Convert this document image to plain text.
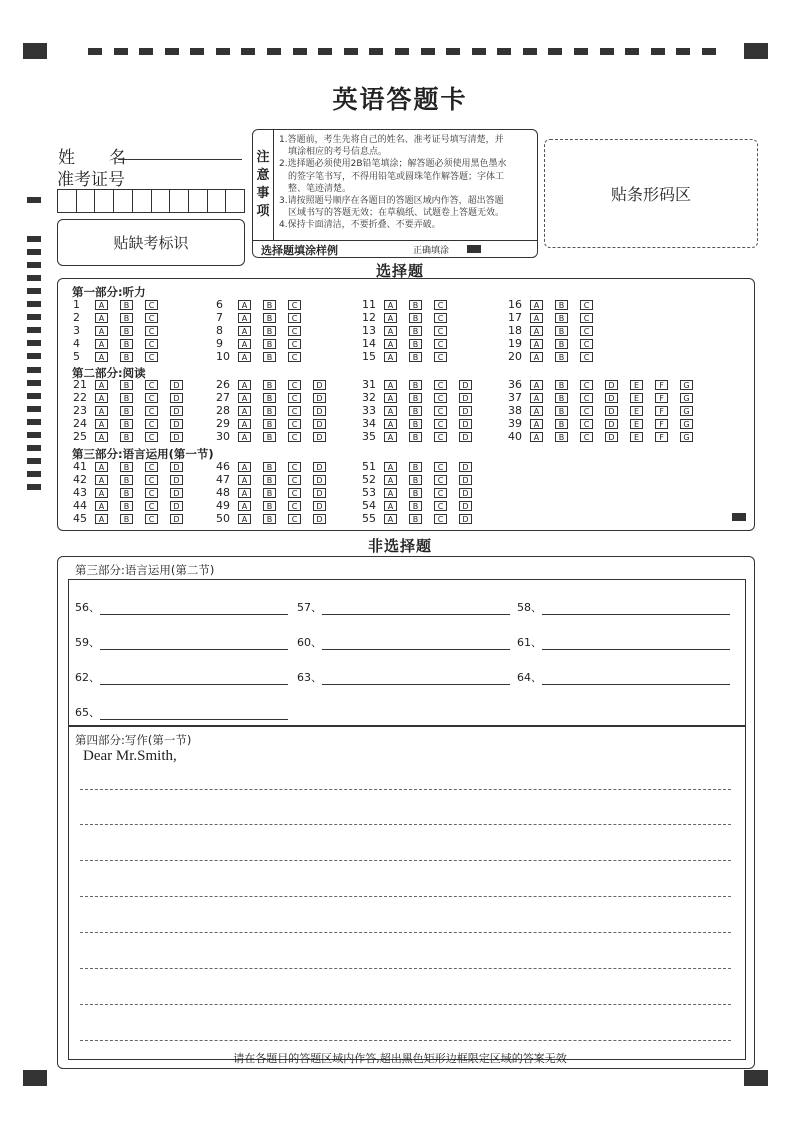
英语答题卡
姓　　名
准考证号
贴缺考标识
注
意
事
项
1.答题前，考生先将自己的姓名、准考证号填写清楚，并
　填涂相应的考号信息点。
2.选择题必须使用2B铅笔填涂；解答题必须使用黑色墨水
　的签字笔书写，不得用铅笔或圆珠笔作解答题；字体工
　整、笔迹清楚。
3.请按照题号顺序在各题目的答题区域内作答，超出答题
　区域书写的答题无效；在草稿纸、试题卷上答题无效。
4.保持卡面清洁，不要折叠、不要弄破。
选择题填涂样例	正确填涂
贴条形码区
选择题
第一部分:听力
第二部分:阅读
第三部分:语言运用(第一节)
1 A B C
2 A B C
3 A B C
4 A B C
5 A B C
6 A B C
7 A B C
8 A B C
9 A B C
10 A B C
11 A B C
12 A B C
13 A B C
14 A B C
15 A B C
16 A B C
17 A B C
18 A B C
19 A B C
20 A B C
21 A B C D
22 A B C D
23 A B C D
24 A B C D
25 A B C D
26 A B C D
27 A B C D
28 A B C D
29 A B C D
30 A B C D
31 A B C D
32 A B C D
33 A B C D
34 A B C D
35 A B C D
36 A B C D E	F G
37 A B C D E	F G
38 A B C D E	F G
39 A B C D E	F G
40 A B C D E	F G
41 A B C D
42 A B C D
43 A B C D
44 A B C D
45 A B C D
46 A B C D
47 A B C D
48 A B C D
49 A B C D
50 A B C D
51 A B C D
52 A B C D
53 A B C D
54 A B C D
55 A B C D
非选择题
第三部分:语言运用(第二节)
56、	57、	58、
59、	60、	61、
62、	63、	64、
65、
第四部分:写作(第一节)
Dear Mr.Smith,
请在各题目的答题区域内作答,超出黑色矩形边框限定区域的答案无效
